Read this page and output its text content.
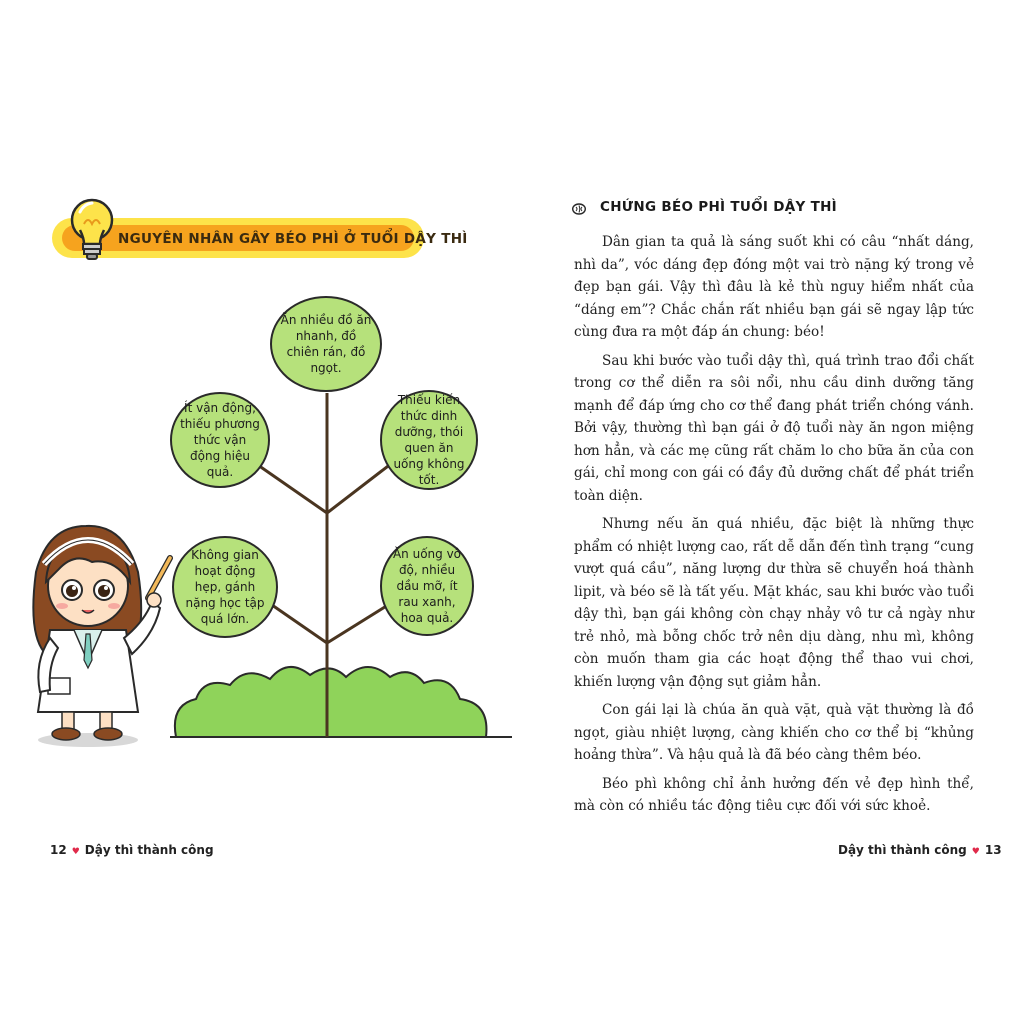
NGUYÊN NHÂN GÂY BÉO PHÌ Ở TUỔI DẬY THÌ
Ăn nhiều đồ ăn nhanh, đồ chiên rán, đồ ngọt.
Ít vận động, thiếu phương thức vận động hiệu quả.
Thiếu kiến thức dinh dưỡng, thói quen ăn uống không tốt.
Không gian hoạt động hẹp, gánh nặng học tập quá lớn.
Ăn uống vô độ, nhiều dầu mỡ, ít rau xanh, hoa quả.
12 ♥ Dậy thì thành công
CHỨNG BÉO PHÌ TUỔI DẬY THÌ

Dân gian ta quả là sáng suốt khi có câu “nhất dáng, nhì da”, vóc dáng đẹp đóng một vai trò nặng ký trong vẻ đẹp bạn gái. Vậy thì đâu là kẻ thù nguy hiểm nhất của “dáng em”? Chắc chắn rất nhiều bạn gái sẽ ngay lập tức cùng đưa ra một đáp án chung: béo!

Sau khi bước vào tuổi dậy thì, quá trình trao đổi chất trong cơ thể diễn ra sôi nổi, nhu cầu dinh dưỡng tăng mạnh để đáp ứng cho cơ thể đang phát triển chóng vánh. Bởi vậy, thường thì bạn gái ở độ tuổi này ăn ngon miệng hơn hẳn, và các mẹ cũng rất chăm lo cho bữa ăn của con gái, chỉ mong con gái có đầy đủ dưỡng chất để phát triển toàn diện.

Nhưng nếu ăn quá nhiều, đặc biệt là những thực phẩm có nhiệt lượng cao, rất dễ dẫn đến tình trạng “cung vượt quá cầu”, năng lượng dư thừa sẽ chuyển hoá thành lipit, và béo sẽ là tất yếu. Mặt khác, sau khi bước vào tuổi dậy thì, bạn gái không còn chạy nhảy vô tư cả ngày như trẻ nhỏ, mà bỗng chốc trở nên dịu dàng, nhu mì, không còn muốn tham gia các hoạt động thể thao vui chơi, khiến lượng vận động sụt giảm hẳn.

Con gái lại là chúa ăn quà vặt, quà vặt thường là đồ ngọt, giàu nhiệt lượng, càng khiến cho cơ thể bị “khủng hoảng thừa”. Và hậu quả là đã béo càng thêm béo.

Béo phì không chỉ ảnh hưởng đến vẻ đẹp hình thể, mà còn có nhiều tác động tiêu cực đối với sức khoẻ.

Dậy thì thành công ♥ 13
